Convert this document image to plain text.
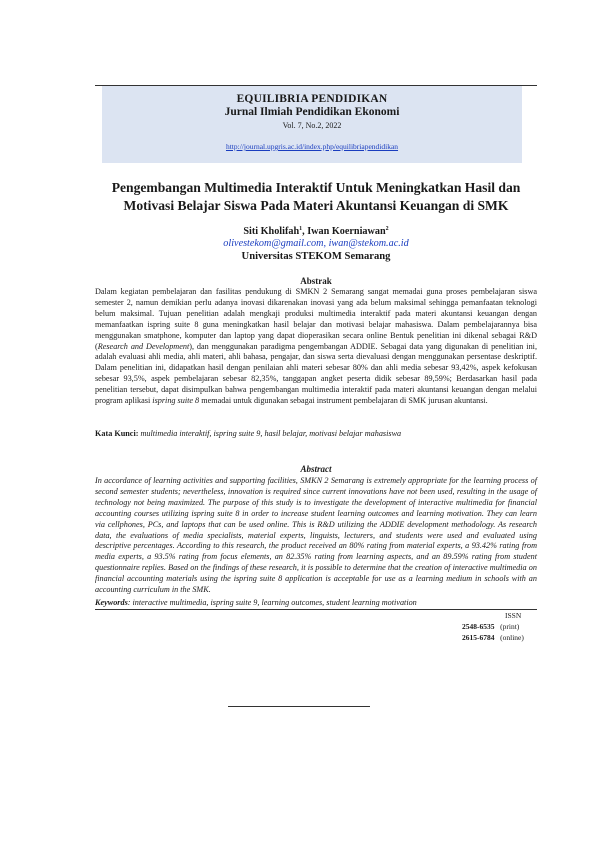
EQUILIBRIA PENDIDIKAN
Jurnal Ilmiah Pendidikan Ekonomi
Vol. 7, No.2, 2022
http://journal.upgris.ac.id/index.php/equilibriapendidikan
Pengembangan Multimedia Interaktif Untuk Meningkatkan Hasil dan
Motivasi Belajar Siswa Pada Materi Akuntansi Keuangan di SMK
Siti Kholifah$^1$, Iwan Koerniawan$^2$
olivestekom@gmail.com, iwan@stekom.ac.id
Universitas STEKOM Semarang
Abstrak
Dalam kegiatan pembelajaran dan fasilitas pendukung di SMKN 2 Semarang sangat memadai guna proses pembelajaran siswa semester 2, namun demikian perlu adanya inovasi dikarenakan inovasi yang ada belum maksimal sehingga pemanfaatan teknologi belum maksimal. Tujuan penelitian adalah mengkaji produksi multimedia interaktif pada materi akuntansi keuangan dengan memanfaatkan ispring suite 8 guna meningkatkan hasil belajar dan motivasi belajar mahasiswa. Dalam pembelajarannya bisa menggunakan smatphone, komputer dan laptop yang dapat dioperasikan secara online Bentuk penelitian ini dikenal sebagai R&D (Research and Development), dan menggunakan paradigma pengembangan ADDIE. Sebagai data yang digunakan di penelitian ini, adalah evaluasi ahli media, ahli materi, ahli bahasa, pengajar, dan siswa serta dievaluasi dengan menggunakan persentase deskriptif. Dalam penelitian ini, didapatkan hasil dengan penilaian ahli materi sebesar 80% dan ahli media sebesar 93,42%, aspek kefokusan sebesar 93,5%, aspek pembelajaran sebesar 82,35%, tanggapan angket peserta didik sebesar 89,59%; Berdasarkan hasil pada penelitian tersebut, dapat disimpulkan bahwa pengembangan multimedia interaktif pada materi akuntansi keuangan dengan melalui program aplikasi ispring suite 8 memadai untuk digunakan sebagai instrument pembelajaran di SMK jurusan akuntansi.
Kata Kunci: multimedia interaktif, ispring suite 9, hasil belajar, motivasi belajar mahasiswa
Abstract
In accordance of learning activities and supporting facilities, SMKN 2 Semarang is extremely appropriate for the learning process of second semester students; nevertheless, innovation is required since current innovations have not been used, resulting in the usage of technology not being maximized. The purpose of this study is to investigate the development of interactive multimedia for financial accounting courses utilizing ispring suite 8 in order to increase student learning outcomes and learning motivation. They can learn via cellphones, PCs, and laptops that can be used online. This is R&D utilizing the ADDIE development methodology. As research data, the evaluations of media specialists, material experts, linguists, lecturers, and students were used and evaluated using descriptive percentages. According to this research, the product received an 80% rating from material experts, a 93.42% rating from media experts, a 93.5% rating from focus elements, an 82.35% rating from learning aspects, and an 89.59% rating from student questionnaire replies. Based on the findings of these research, it is possible to determine that the creation of interactive multimedia on financial accounting materials using the ispring suite 8 application is acceptable for use as a learning medium in schools with an accounting curriculum in the SMK.
Keywords: interactive multimedia, ispring suite 9, learning outcomes, student learning motivation
ISSN
2548-6535 (print)
2615-6784 (online)
